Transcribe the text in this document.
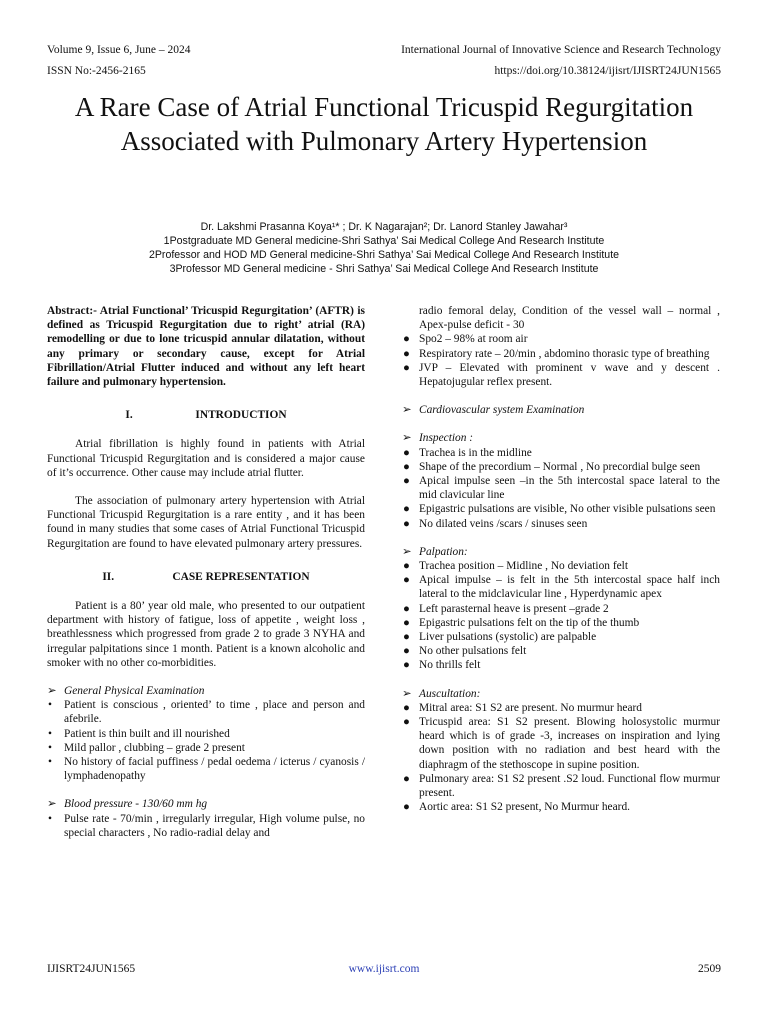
Volume 9, Issue 6, June – 2024	International Journal of Innovative Science and Research Technology
ISSN No:-2456-2165	https://doi.org/10.38124/ijisrt/IJISRT24JUN1565
A Rare Case of Atrial Functional Tricuspid Regurgitation Associated with Pulmonary Artery Hypertension
Dr. Lakshmi Prasanna Koya¹* ; Dr. K Nagarajan²; Dr. Lanord Stanley Jawahar³
1Postgraduate MD General medicine-Shri Sathya’ Sai Medical College And Research Institute
2Professor and HOD MD General medicine-Shri Sathya’ Sai Medical College And Research Institute
3Professor MD General medicine - Shri Sathya’ Sai Medical College And Research Institute

Abstract:- Atrial Functional’ Tricuspid Regurgitation’ (AFTR) is defined as Tricuspid Regurgitation due to right’ atrial (RA) remodelling or due to lone tricuspid annular dilatation, without any primary or secondary cause, except for Atrial Fibrillation/Atrial Flutter induced and without any left heart failure and pulmonary hypertension.

I.	INTRODUCTION

Atrial fibrillation is highly found in patients with Atrial Functional Tricuspid Regurgitation and is considered a major cause of it’s occurrence. Other cause may include atrial flutter.

The association of pulmonary artery hypertension with Atrial Functional Tricuspid Regurgitation is a rare entity , and it has been found in many studies that some cases of Atrial Functional Tricuspid Regurgitation are found to have elevated pulmonary artery pressures.

II.	CASE REPRESENTATION

Patient is a 80’ year old male, who presented to our outpatient department with history of fatigue, loss of appetite , weight loss , breathlessness which progressed from grade 2 to grade 3 NYHA and irregular palpitations since 1 month. Patient is a known alcoholic and smoker with no other co-morbidities.

➢ General Physical Examination
• Patient is conscious , oriented’ to time , place and person and afebrile.
• Patient is thin built and ill nourished
• Mild pallor , clubbing – grade 2 present
• No history of facial puffiness / pedal oedema / icterus / cyanosis / lymphadenopathy
➢ Blood pressure - 130/60 mm hg
• Pulse rate - 70/min , irregularly irregular, High volume pulse, no special characters , No radio-radial delay and
radio femoral delay, Condition of the vessel wall – normal , Apex-pulse deficit - 30
● Spo2 – 98% at room air
● Respiratory rate – 20/min , abdomino thorasic type of breathing
● JVP – Elevated with prominent v wave and y descent . Hepatojugular reflex present.
➢ Cardiovascular system Examination
➢ Inspection :
● Trachea is in the midline
● Shape of the precordium – Normal , No precordial bulge seen
● Apical impulse seen –in the 5th intercostal space lateral to the mid clavicular line
● Epigastric pulsations are visible, No other visible pulsations seen
● No dilated veins /scars / sinuses seen
➢ Palpation:
● Trachea position – Midline , No deviation felt
● Apical impulse – is felt in the 5th intercostal space half inch lateral to the midclavicular line , Hyperdynamic apex
● Left parasternal heave is present –grade 2
● Epigastric pulsations felt on the tip of the thumb
● Liver pulsations (systolic) are palpable
● No other pulsations felt
● No thrills felt
➢ Auscultation:
● Mitral area: S1 S2 are present. No murmur heard
● Tricuspid area: S1 S2 present. Blowing holosystolic murmur heard which is of grade -3, increases on inspiration and lying down position with no radiation and best heard with the diaphragm of the stethoscope in supine position.
● Pulmonary area: S1 S2 present .S2 loud. Functional flow murmur present.
● Aortic area: S1 S2 present, No Murmur heard.
IJISRT24JUN1565	www.ijisrt.com	2509
